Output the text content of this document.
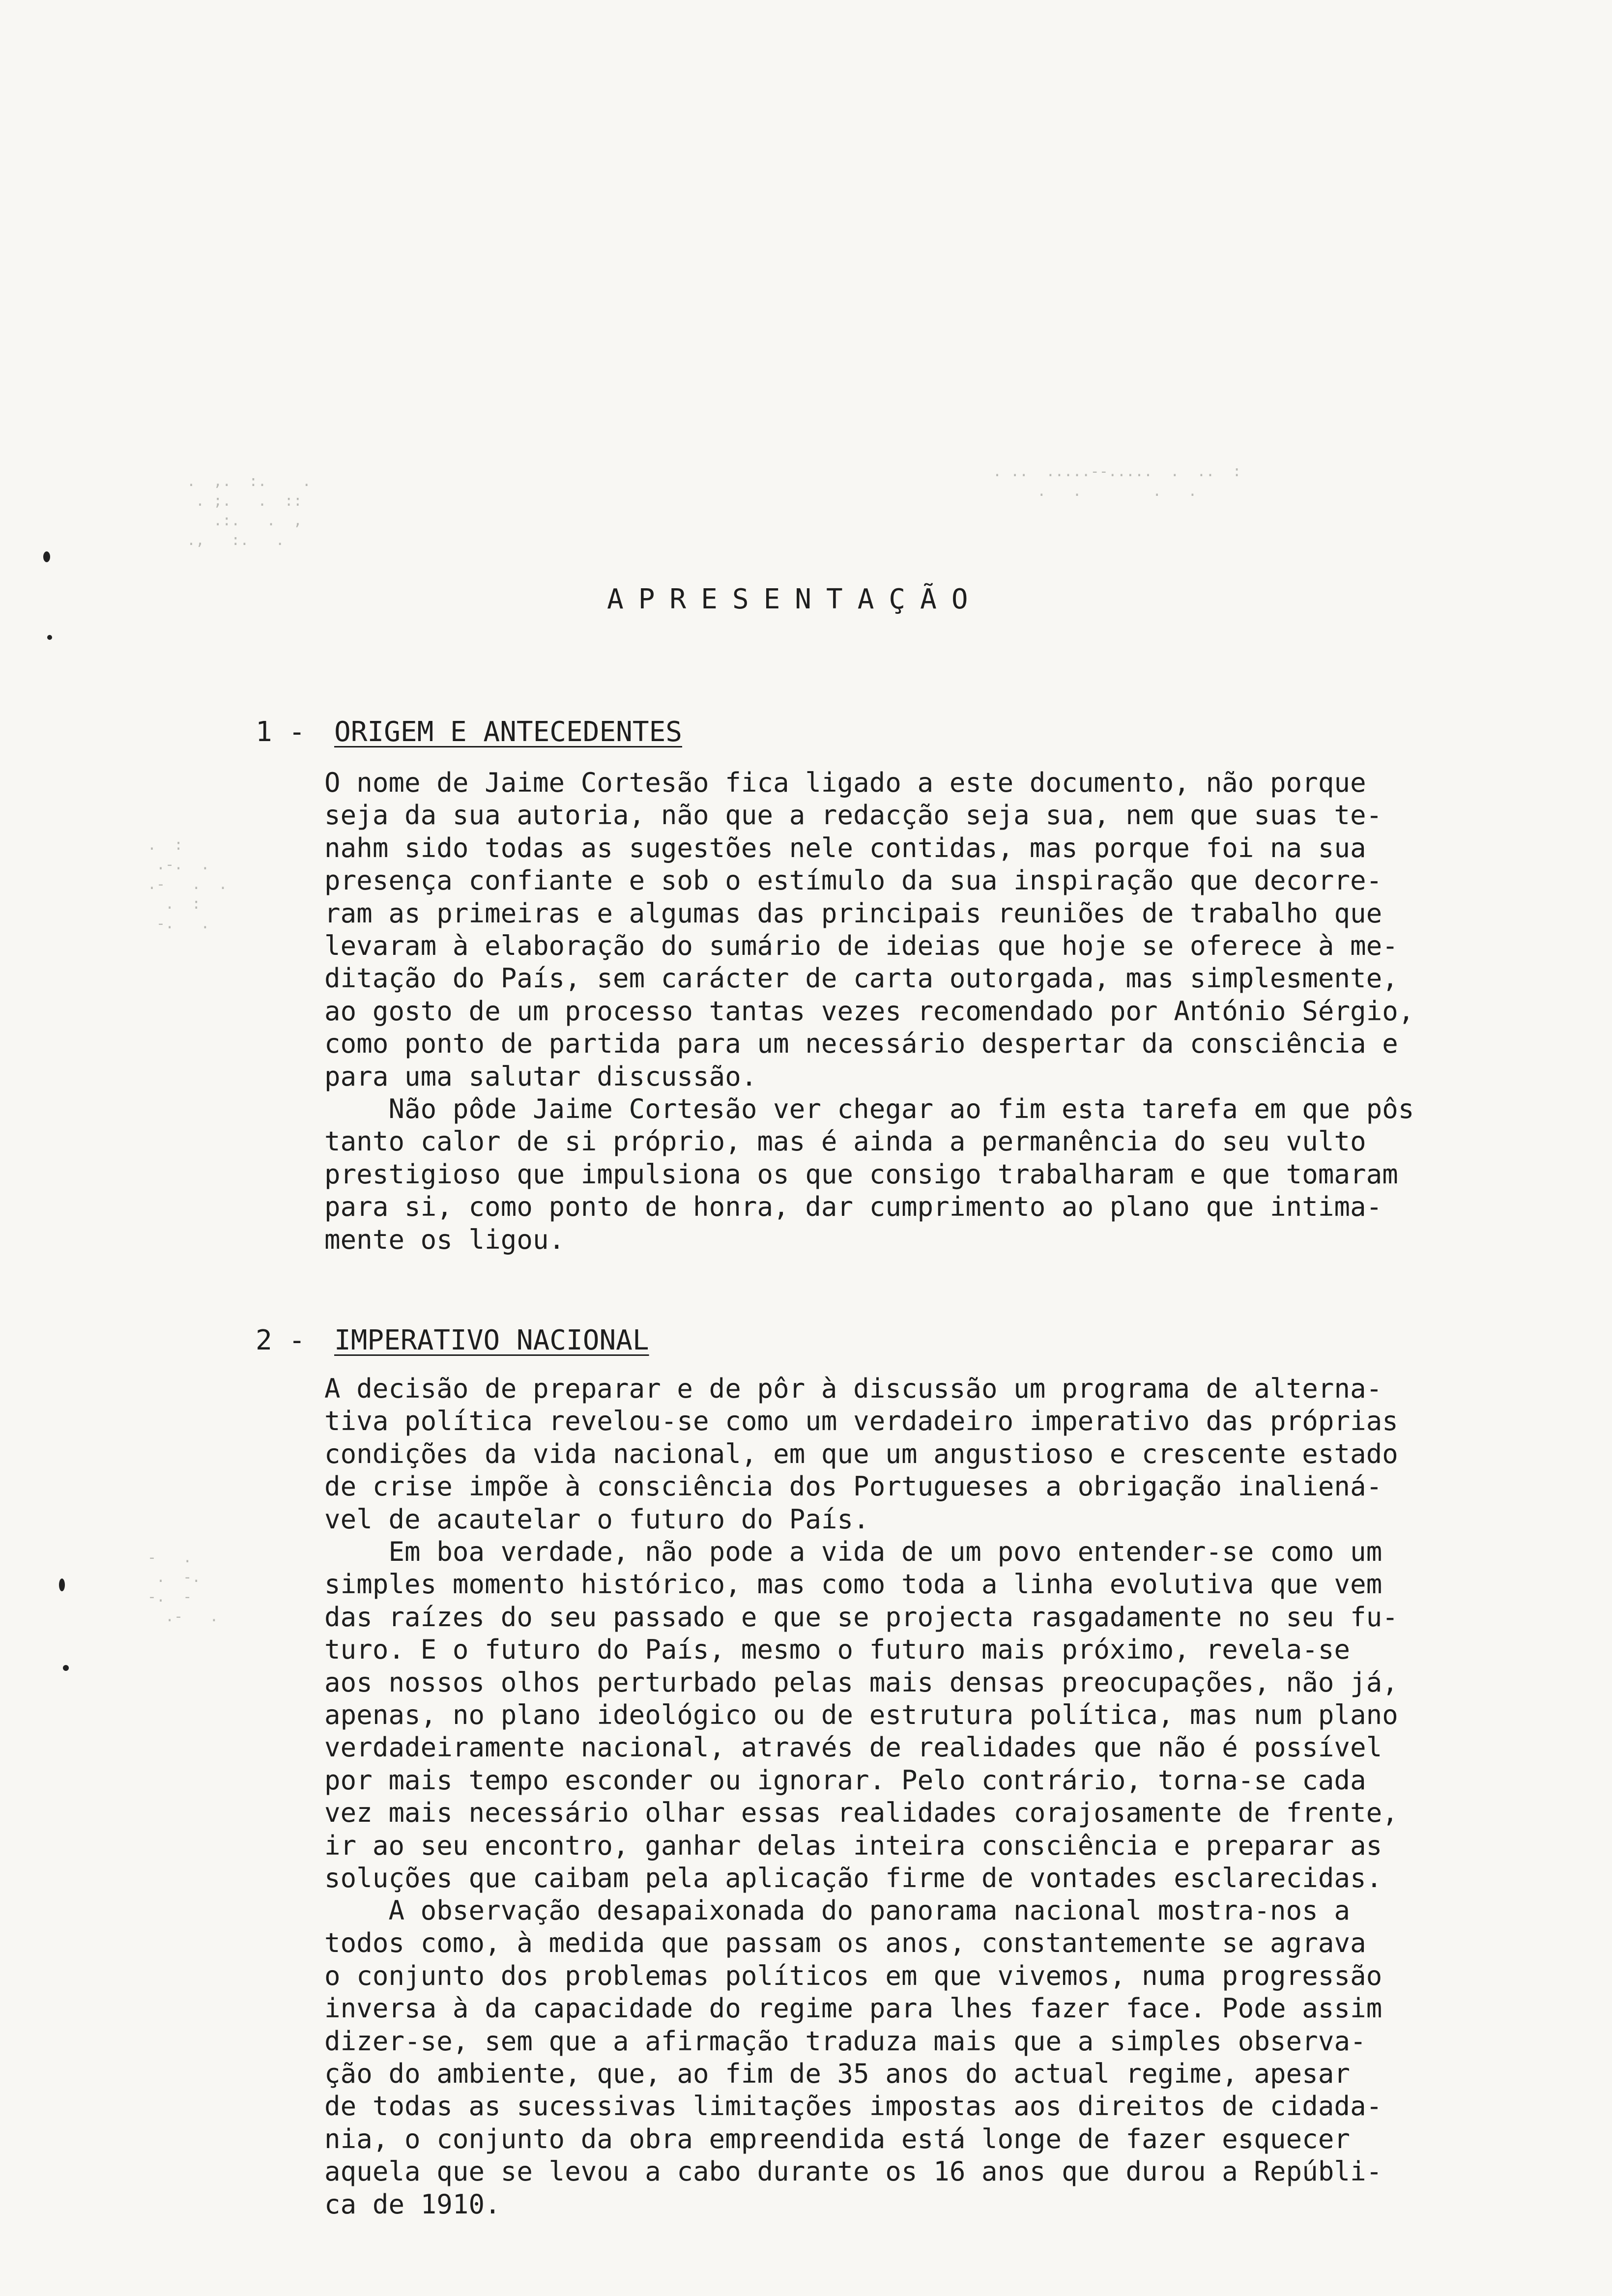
.  ,.  :.    .
. ;.   .  ::
.:.   .  ,
.,   :.   .
. ..  .....--.....  .  ..  :
.   .        .   .
.  :
.-.  .
.-   .  .
.  :
-.   .
-   .
.  -.
-.  -
.-   .
APRESENTAÇÃO
1 - ORIGEM E ANTECEDENTES
O nome de Jaime Cortesão fica ligado a este documento, não porque
seja da sua autoria, não que a redacção seja sua, nem que suas te-
nahm sido todas as sugestões nele contidas, mas porque foi na sua
presença confiante e sob o estímulo da sua inspiração que decorre-
ram as primeiras e algumas das principais reuniões de trabalho que
levaram à elaboração do sumário de ideias que hoje se oferece à me-
ditação do País, sem carácter de carta outorgada, mas simplesmente,
ao gosto de um processo tantas vezes recomendado por António Sérgio,
como ponto de partida para um necessário despertar da consciência e
para uma salutar discussão.
Não pôde Jaime Cortesão ver chegar ao fim esta tarefa em que pôs
tanto calor de si próprio, mas é ainda a permanência do seu vulto
prestigioso que impulsiona os que consigo trabalharam e que tomaram
para si, como ponto de honra, dar cumprimento ao plano que intima-
mente os ligou.
2 - IMPERATIVO NACIONAL
A decisão de preparar e de pôr à discussão um programa de alterna-
tiva política revelou-se como um verdadeiro imperativo das próprias
condições da vida nacional, em que um angustioso e crescente estado
de crise impõe à consciência dos Portugueses a obrigação inaliená-
vel de acautelar o futuro do País.
Em boa verdade, não pode a vida de um povo entender-se como um
simples momento histórico, mas como toda a linha evolutiva que vem
das raízes do seu passado e que se projecta rasgadamente no seu fu-
turo. E o futuro do País, mesmo o futuro mais próximo, revela-se
aos nossos olhos perturbado pelas mais densas preocupações, não já,
apenas, no plano ideológico ou de estrutura política, mas num plano
verdadeiramente nacional, através de realidades que não é possível
por mais tempo esconder ou ignorar. Pelo contrário, torna-se cada
vez mais necessário olhar essas realidades corajosamente de frente,
ir ao seu encontro, ganhar delas inteira consciência e preparar as
soluções que caibam pela aplicação firme de vontades esclarecidas.
A observação desapaixonada do panorama nacional mostra-nos a
todos como, à medida que passam os anos, constantemente se agrava
o conjunto dos problemas políticos em que vivemos, numa progressão
inversa à da capacidade do regime para lhes fazer face. Pode assim
dizer-se, sem que a afirmação traduza mais que a simples observa-
ção do ambiente, que, ao fim de 35 anos do actual regime, apesar
de todas as sucessivas limitações impostas aos direitos de cidada-
nia, o conjunto da obra empreendida está longe de fazer esquecer
aquela que se levou a cabo durante os 16 anos que durou a Repúbli-
ca de 1910.
